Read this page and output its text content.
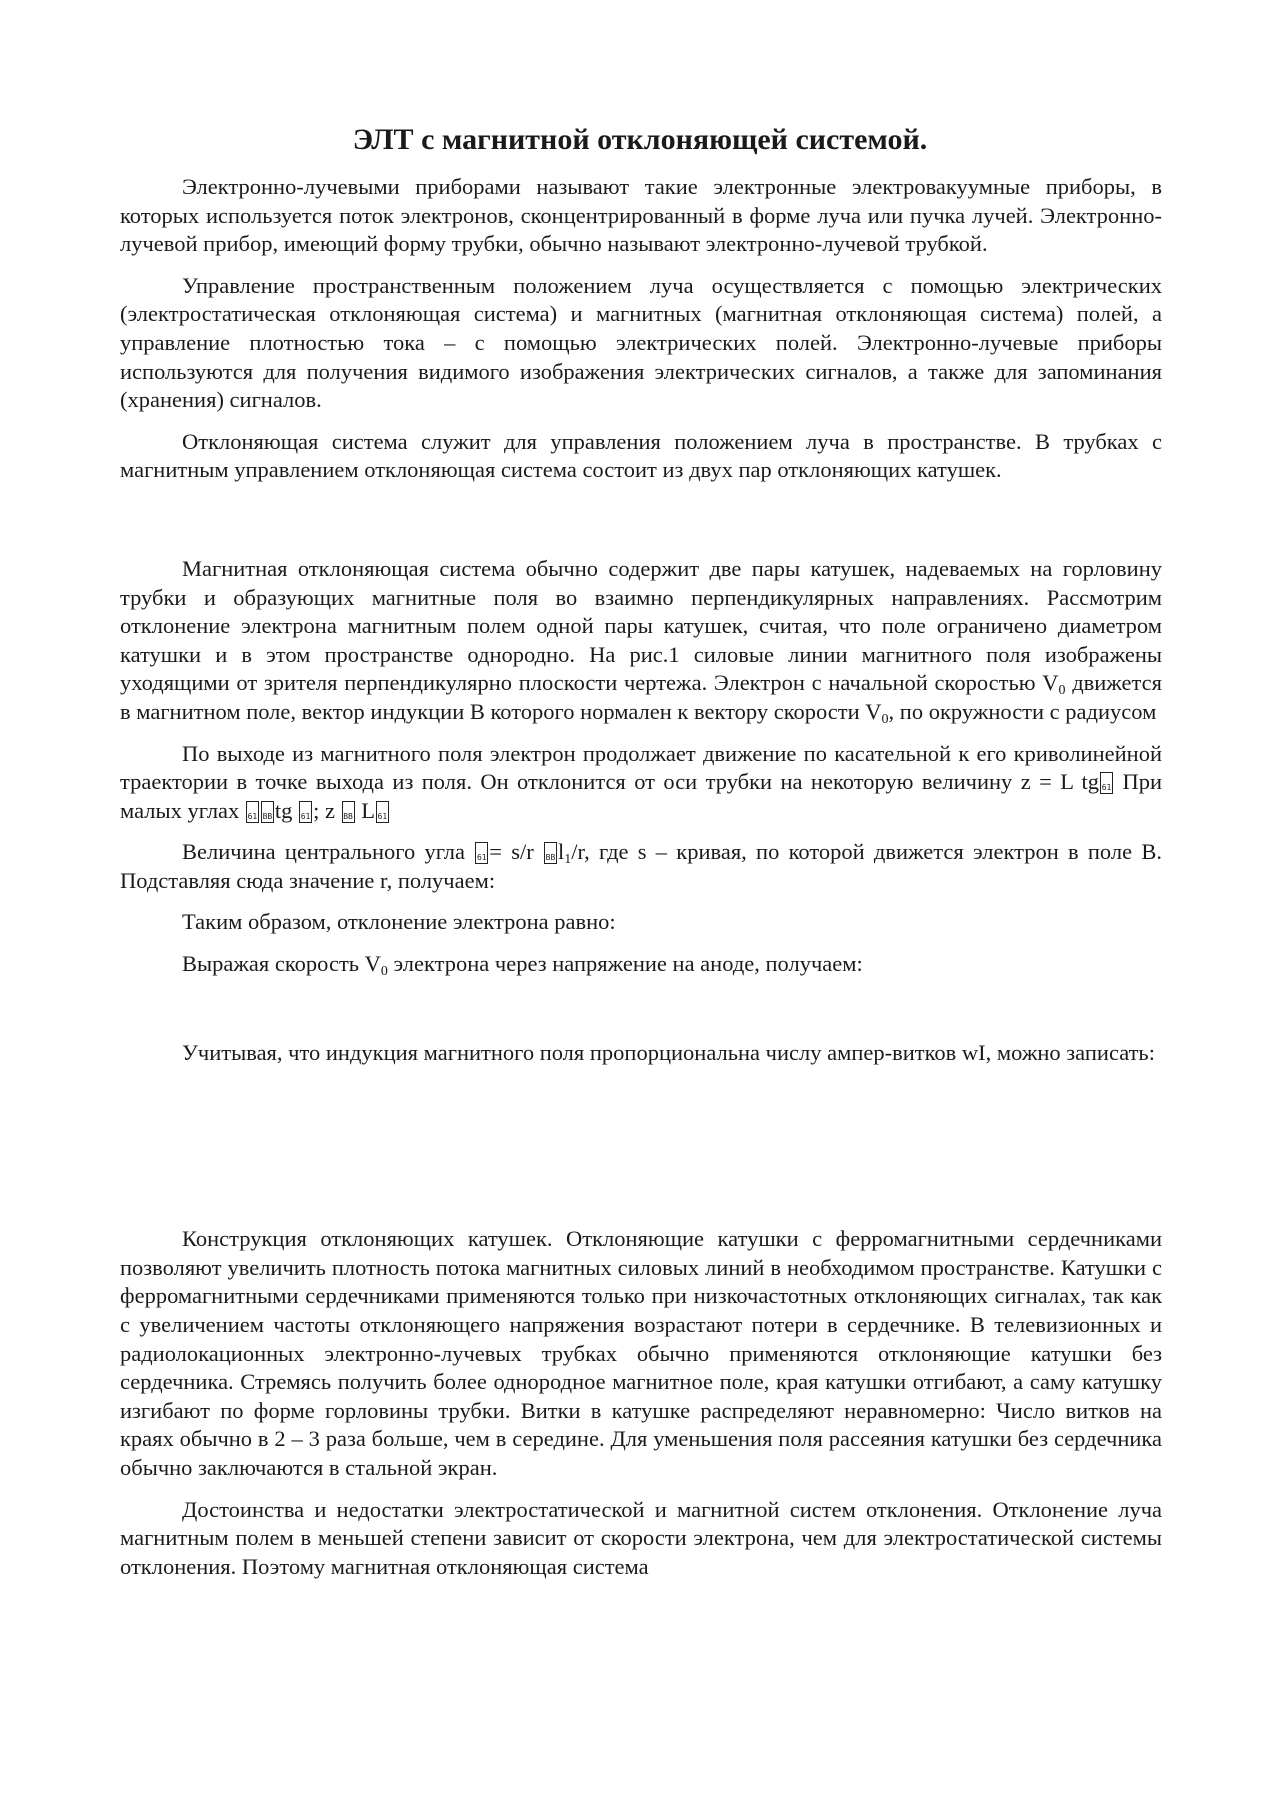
ЭЛТ с магнитной отклоняющей системой.

Электронно-лучевыми приборами называют такие электронные электровакуумные приборы, в которых используется поток электронов, сконцентрированный в форме луча или пучка лучей. Электронно-лучевой прибор, имеющий форму трубки, обычно называют электронно-лучевой трубкой.

Управление пространственным положением луча осуществляется с помощью электрических (электростатическая отклоняющая система) и магнитных (магнитная отклоняющая система) полей, а управление плотностью тока – с помощью электрических полей. Электронно-лучевые приборы используются для получения видимого изображения электрических сигналов, а также для запоминания (хранения) сигналов.

Отклоняющая система служит для управления положением луча в пространстве. В трубках с магнитным управлением отклоняющая система состоит из двух пар отклоняющих катушек.

Магнитная отклоняющая система обычно содержит две пары катушек, надеваемых на горловину трубки и образующих магнитные поля во взаимно перпендикулярных направлениях. Рассмотрим отклонение электрона магнитным полем одной пары катушек, считая, что поле ограничено диаметром катушки и в этом пространстве однородно. На рис.1 силовые линии магнитного поля изображены уходящими от зрителя перпендикулярно плоскости чертежа. Электрон с начальной скоростью $V_0$ движется в магнитном поле, вектор индукции B которого нормален к вектору скорости $V_0$, по окружности с радиусом

По выходе из магнитного поля электрон продолжает движение по касательной к его криволинейной траектории в точке выхода из поля. Он отклонится от оси трубки на некоторую величину z = L tg61 При малых углах 61BB tg 61 ; z BB L61

Величина центрального угла 61 = s/r BB $l_1/r$, где s – кривая, по которой движется электрон в поле B. Подставляя сюда значение r, получаем:

Таким образом, отклонение электрона равно:

Выражая скорость $V_0$ электрона через напряжение на аноде, получаем:

Учитывая, что индукция магнитного поля пропорциональна числу ампер-витков wI, можно записать:

Конструкция отклоняющих катушек. Отклоняющие катушки с ферромагнитными сердечниками позволяют увеличить плотность потока магнитных силовых линий в необходимом пространстве. Катушки с ферромагнитными сердечниками применяются только при низкочастотных отклоняющих сигналах, так как с увеличением частоты отклоняющего напряжения возрастают потери в сердечнике. В телевизионных и радиолокационных электронно-лучевых трубках обычно применяются отклоняющие катушки без сердечника. Стремясь получить более однородное магнитное поле, края катушки отгибают, а саму катушку изгибают по форме горловины трубки. Витки в катушке распределяют неравномерно: Число витков на краях обычно в 2 – 3 раза больше, чем в середине. Для уменьшения поля рассеяния катушки без сердечника обычно заключаются в стальной экран.

Достоинства и недостатки электростатической и магнитной систем отклонения. Отклонение луча магнитным полем в меньшей степени зависит от скорости электрона, чем для электростатической системы отклонения. Поэтому магнитная отклоняющая система
